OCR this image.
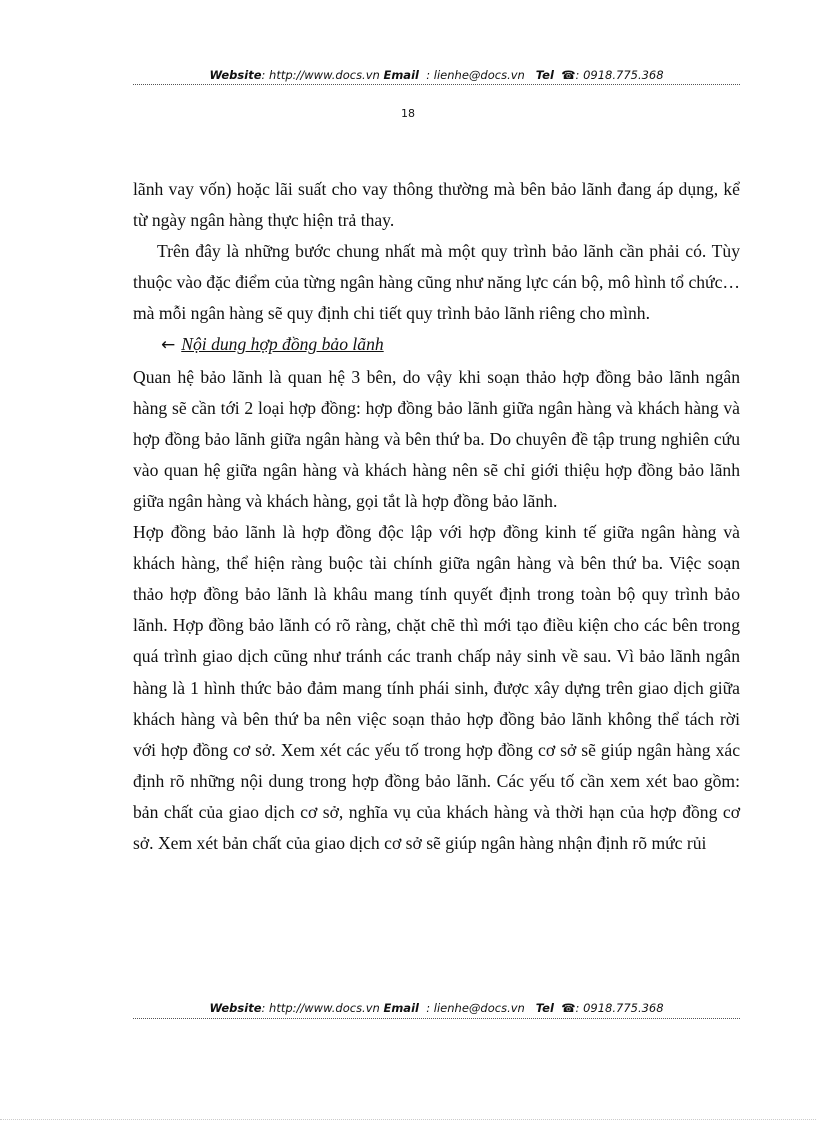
Website: http://www.docs.vn Email : lienhe@docs.vn Tel ☎: 0918.775.368
18

lãnh vay vốn) hoặc lãi suất cho vay thông thường mà bên bảo lãnh đang áp dụng, kể từ ngày ngân hàng thực hiện trả thay.

Trên đây là những bước chung nhất mà một quy trình bảo lãnh cần phải có. Tùy thuộc vào đặc điểm của từng ngân hàng cũng như năng lực cán bộ, mô hình tổ chức… mà mỗi ngân hàng sẽ quy định chi tiết quy trình bảo lãnh riêng cho mình.

← Nội dung hợp đồng bảo lãnh

Quan hệ bảo lãnh là quan hệ 3 bên, do vậy khi soạn thảo hợp đồng bảo lãnh ngân hàng sẽ cần tới 2 loại hợp đồng: hợp đồng bảo lãnh giữa ngân hàng và khách hàng và hợp đồng bảo lãnh giữa ngân hàng và bên thứ ba. Do chuyên đề tập trung nghiên cứu vào quan hệ giữa ngân hàng và khách hàng nên sẽ chỉ giới thiệu hợp đồng bảo lãnh giữa ngân hàng và khách hàng, gọi tắt là hợp đồng bảo lãnh.

Hợp đồng bảo lãnh là hợp đồng độc lập với hợp đồng kinh tế giữa ngân hàng và khách hàng, thể hiện ràng buộc tài chính giữa ngân hàng và bên thứ ba. Việc soạn thảo hợp đồng bảo lãnh là khâu mang tính quyết định trong toàn bộ quy trình bảo lãnh. Hợp đồng bảo lãnh có rõ ràng, chặt chẽ thì mới tạo điều kiện cho các bên trong quá trình giao dịch cũng như tránh các tranh chấp nảy sinh về sau. Vì bảo lãnh ngân hàng là 1 hình thức bảo đảm mang tính phái sinh, được xây dựng trên giao dịch giữa khách hàng và bên thứ ba nên việc soạn thảo hợp đồng bảo lãnh không thể tách rời với hợp đồng cơ sở. Xem xét các yếu tố trong hợp đồng cơ sở sẽ giúp ngân hàng xác định rõ những nội dung trong hợp đồng bảo lãnh. Các yếu tố cần xem xét bao gồm: bản chất của giao dịch cơ sở, nghĩa vụ của khách hàng và thời hạn của hợp đồng cơ sở. Xem xét bản chất của giao dịch cơ sở sẽ giúp ngân hàng nhận định rõ mức rủi

Website: http://www.docs.vn Email : lienhe@docs.vn Tel ☎: 0918.775.368
